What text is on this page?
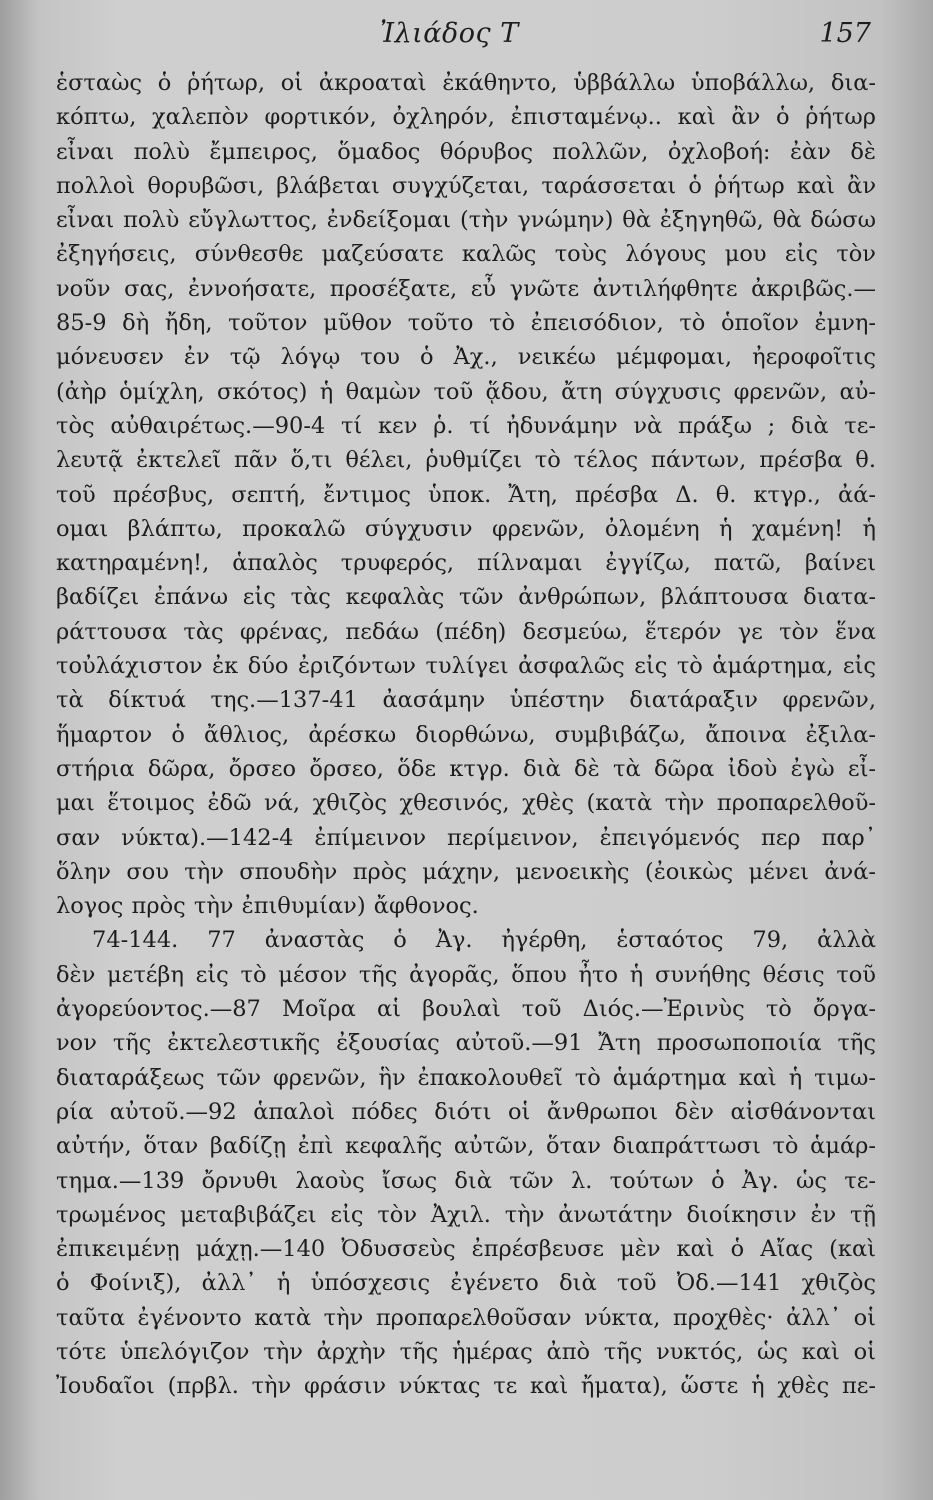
Ἰλιάδος Τ	157
ἑσταὼς ὁ ῥήτωρ, οἱ ἀκροαταὶ ἐκάθηντο, ὑββάλλω ὑποβάλλω, δια-
κόπτω, χαλεπὸν φορτικόν, ὀχληρόν, ἐπισταμένῳ.. καὶ ἂν ὁ ῥήτωρ
εἶναι πολὺ ἔμπειρος, ὅμαδος θόρυβος πολλῶν, ὀχλοβοή: ἐὰν δὲ
πολλοὶ θορυβῶσι, βλάβεται συγχύζεται, ταράσσεται ὁ ῥήτωρ καὶ ἂν
εἶναι πολὺ εὔγλωττος, ἐνδείξομαι (τὴν γνώμην) θὰ ἐξηγηθῶ, θὰ δώσω
ἐξηγήσεις, σύνθεσθε μαζεύσατε καλῶς τοὺς λόγους μου εἰς τὸν
νοῦν σας, ἐννοήσατε, προσέξατε, εὖ γνῶτε ἀντιλήφθητε ἀκριβῶς.—
85-9 δὴ ἤδη, τοῦτον μῦθον τοῦτο τὸ ἐπεισόδιον, τὸ ὁποῖον ἐμνη-
μόνευσεν ἐν τῷ λόγῳ του ὁ Ἀχ., νεικέω μέμφομαι, ἠεροφοῖτις
(ἀὴρ ὁμίχλη, σκότος) ἡ θαμὼν τοῦ ᾅδου, ἄτη σύγχυσις φρενῶν, αὐ-
τὸς αὐθαιρέτως.—90-4 τί κεν ῥ. τί ἠδυνάμην νὰ πράξω ; διὰ τε-
λευτᾷ ἐκτελεῖ πᾶν ὅ,τι θέλει, ῥυθμίζει τὸ τέλος πάντων, πρέσβα θ.
τοῦ πρέσβυς, σεπτή, ἔντιμος ὑποκ. Ἄτη, πρέσβα Δ. θ. κτγρ., ἀά-
ομαι βλάπτω, προκαλῶ σύγχυσιν φρενῶν, ὀλομένη ἡ χαμένη! ἡ
κατηραμένη!, ἁπαλὸς τρυφερός, πίλναμαι ἐγγίζω, πατῶ, βαίνει
βαδίζει ἐπάνω εἰς τὰς κεφαλὰς τῶν ἀνθρώπων, βλάπτουσα διατα-
ράττουσα τὰς φρένας, πεδάω (πέδη) δεσμεύω, ἕτερόν γε τὸν ἕνα
τοὐλάχιστον ἐκ δύο ἐριζόντων τυλίγει ἀσφαλῶς εἰς τὸ ἁμάρτημα, εἰς
τὰ δίκτυά της.—137-41 ἀασάμην ὑπέστην διατάραξιν φρενῶν,
ἥμαρτον ὁ ἄθλιος, ἀρέσκω διορθώνω, συμβιβάζω, ἄποινα ἐξιλα-
στήρια δῶρα, ὄρσεο ὄρσεο, ὅδε κτγρ. διὰ δὲ τὰ δῶρα ἰδοὺ ἐγὼ εἶ-
μαι ἕτοιμος ἐδῶ νά, χθιζὸς χθεσινός, χθὲς (κατὰ τὴν προπαρελθοῦ-
σαν νύκτα).—142-4 ἐπίμεινον περίμεινον, ἐπειγόμενός περ παρ᾽
ὅλην σου τὴν σπουδὴν πρὸς μάχην, μενοεικὴς (ἐοικὼς μένει ἀνά-
λογος πρὸς τὴν ἐπιθυμίαν) ἄφθονος.
74-144. 77 ἀναστὰς ὁ Ἀγ. ἠγέρθη, ἑσταότος 79, ἀλλὰ
δὲν μετέβη εἰς τὸ μέσον τῆς ἀγορᾶς, ὅπου ἦτο ἡ συνήθης θέσις τοῦ
ἀγορεύοντος.—87 Μοῖρα αἱ βουλαὶ τοῦ Διός.—Ἐρινὺς τὸ ὄργα-
νον τῆς ἐκτελεστικῆς ἐξουσίας αὐτοῦ.—91 Ἄτη προσωποποιία τῆς
διαταράξεως τῶν φρενῶν, ἣν ἐπακολουθεῖ τὸ ἁμάρτημα καὶ ἡ τιμω-
ρία αὐτοῦ.—92 ἁπαλοὶ πόδες διότι οἱ ἄνθρωποι δὲν αἰσθάνονται
αὐτήν, ὅταν βαδίζῃ ἐπὶ κεφαλῆς αὐτῶν, ὅταν διαπράττωσι τὸ ἁμάρ-
τημα.—139 ὄρνυθι λαοὺς ἴσως διὰ τῶν λ. τούτων ὁ Ἀγ. ὡς τε-
τρωμένος μεταβιβάζει εἰς τὸν Ἀχιλ. τὴν ἀνωτάτην διοίκησιν ἐν τῇ
ἐπικειμένῃ μάχῃ.—140 Ὀδυσσεὺς ἐπρέσβευσε μὲν καὶ ὁ Αἴας (καὶ
ὁ Φοίνιξ), ἀλλ᾽ ἡ ὑπόσχεσις ἐγένετο διὰ τοῦ Ὀδ.—141 χθιζὸς
ταῦτα ἐγένοντο κατὰ τὴν προπαρελθοῦσαν νύκτα, προχθὲς· ἀλλ᾽ οἱ
τότε ὑπελόγιζον τὴν ἀρχὴν τῆς ἡμέρας ἀπὸ τῆς νυκτός, ὡς καὶ οἱ
Ἰουδαῖοι (πρβλ. τὴν φράσιν νύκτας τε καὶ ἤματα), ὥστε ἡ χθὲς πε-
